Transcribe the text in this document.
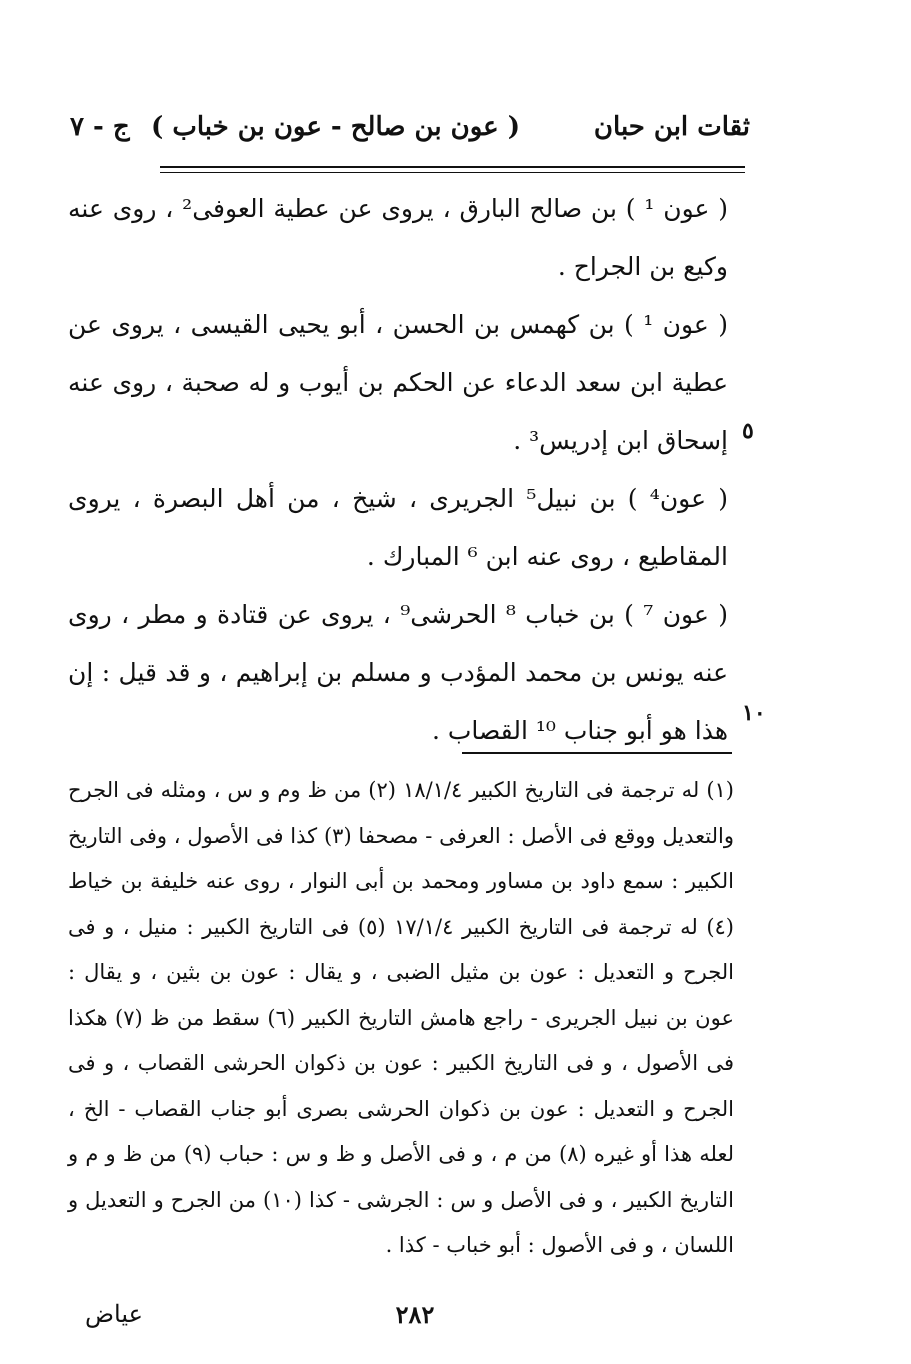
ثقات ابن حبان
( عون بن صالح - عون بن خباب )
ج - ٧

( عون ¹ ) بن صالح البارق ، يروى عن عطية العوفى² ، روى عنه وكيع بن الجراح .

( عون ¹ ) بن كهمس بن الحسن ، أبو يحيى القيسى ، يروى عن عطية ابن سعد الدعاء عن الحكم بن أيوب و له صحبة ، روى عنه إسحاق ابن إدريس³ .

( عون⁴ ) بن نبيل⁵ الجريرى ، شيخ ، من أهل البصرة ، يروى المقاطيع ، روى عنه ابن ⁶ المبارك .

( عون ⁷ ) بن خباب ⁸ الحرشى⁹ ، يروى عن قتادة و مطر ، روى عنه يونس بن محمد المؤدب و مسلم بن إبراهيم ، و قد قيل : إن هذا هو أبو جناب ¹⁰ القصاب .

٥
١٠

(١) له ترجمة فى التاريخ الكبير ١٨/١/٤ (٢) من ظ وم و س ، ومثله فى الجرح والتعديل ووقع فى الأصل : العرفى - مصحفا (٣) كذا فى الأصول ، وفى التاريخ الكبير : سمع داود بن مساور ومحمد بن أبى النوار ، روى عنه خليفة بن خياط (٤) له ترجمة فى التاريخ الكبير ١٧/١/٤ (٥) فى التاريخ الكبير : منيل ، و فى الجرح و التعديل : عون بن مثيل الضبى ، و يقال : عون بن بثين ، و يقال : عون بن نبيل الجريرى - راجع هامش التاريخ الكبير (٦) سقط من ظ (٧) هكذا فى الأصول ، و فى التاريخ الكبير : عون بن ذكوان الحرشى القصاب ، و فى الجرح و التعديل : عون بن ذكوان الحرشى بصرى أبو جناب القصاب - الخ ، لعله هذا أو غيره (٨) من م ، و فى الأصل و ظ و س : حباب (٩) من ظ و م و التاريخ الكبير ، و فى الأصل و س : الجرشى - كذا (١٠) من الجرح و التعديل و اللسان ، و فى الأصول : أبو خباب - كذا .

٢٨٢
عياض
